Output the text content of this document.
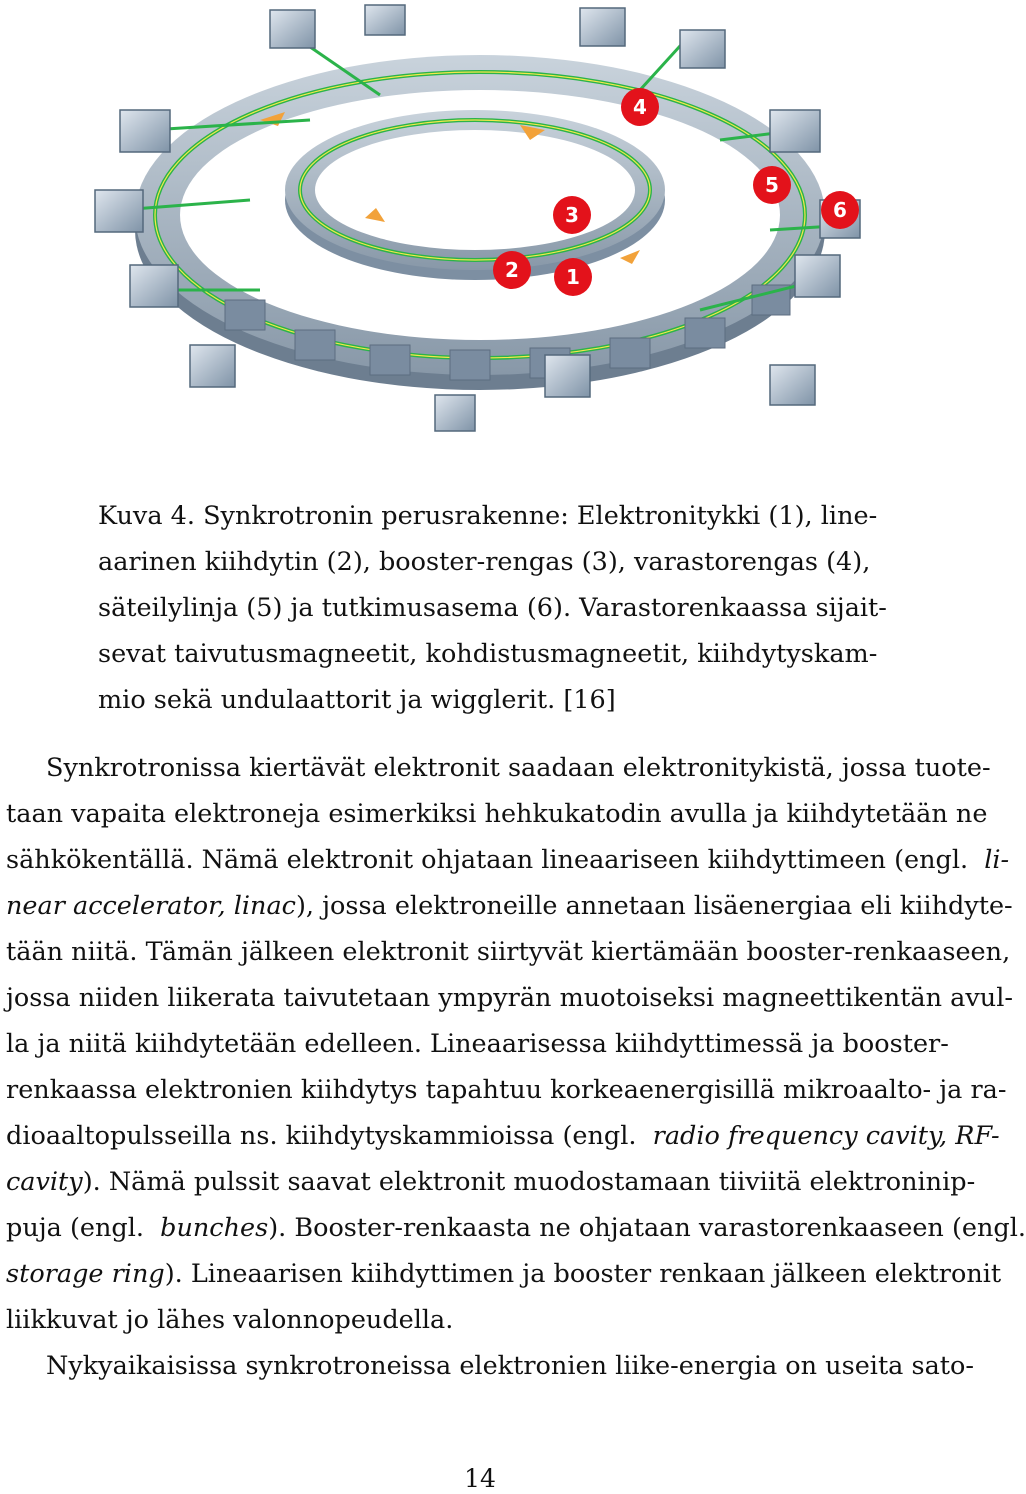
4
3
2 1
5
6
Kuva 4. Synkrotronin perusrakenne: Elektronitykki (1), line-
aarinen kiihdytin (2), booster-rengas (3), varastorengas (4),
säteilylinja (5) ja tutkimusasema (6). Varastorenkaassa sijait-
sevat taivutusmagneetit, kohdistusmagneetit, kiihdytyskam-
mio sekä undulaattorit ja wigglerit. [16]
Synkrotronissa kiertävät elektronit saadaan elektronitykistä, jossa tuote-
taan vapaita elektroneja esimerkiksi hehkukatodin avulla ja kiihdytetään ne
sähkökentällä. Nämä elektronit ohjataan lineaariseen kiihdyttimeen (engl. li-
near accelerator, linac), jossa elektroneille annetaan lisäenergiaa eli kiihdyte-
tään niitä. Tämän jälkeen elektronit siirtyvät kiertämään booster-renkaaseen,
jossa niiden liikerata taivutetaan ympyrän muotoiseksi magneettikentän avul-
la ja niitä kiihdytetään edelleen. Lineaarisessa kiihdyttimessä ja booster-
renkaassa elektronien kiihdytys tapahtuu korkeaenergisillä mikroaalto- ja ra-
dioaaltopulsseilla ns. kiihdytyskammioissa (engl. radio frequency cavity, RF-
cavity). Nämä pulssit saavat elektronit muodostamaan tiiviitä elektroninip-
puja (engl. bunches). Booster-renkaasta ne ohjataan varastorenkaaseen (engl.
storage ring). Lineaarisen kiihdyttimen ja booster renkaan jälkeen elektronit
liikkuvat jo lähes valonnopeudella.
Nykyaikaisissa synkrotroneissa elektronien liike-energia on useita sato-
14
